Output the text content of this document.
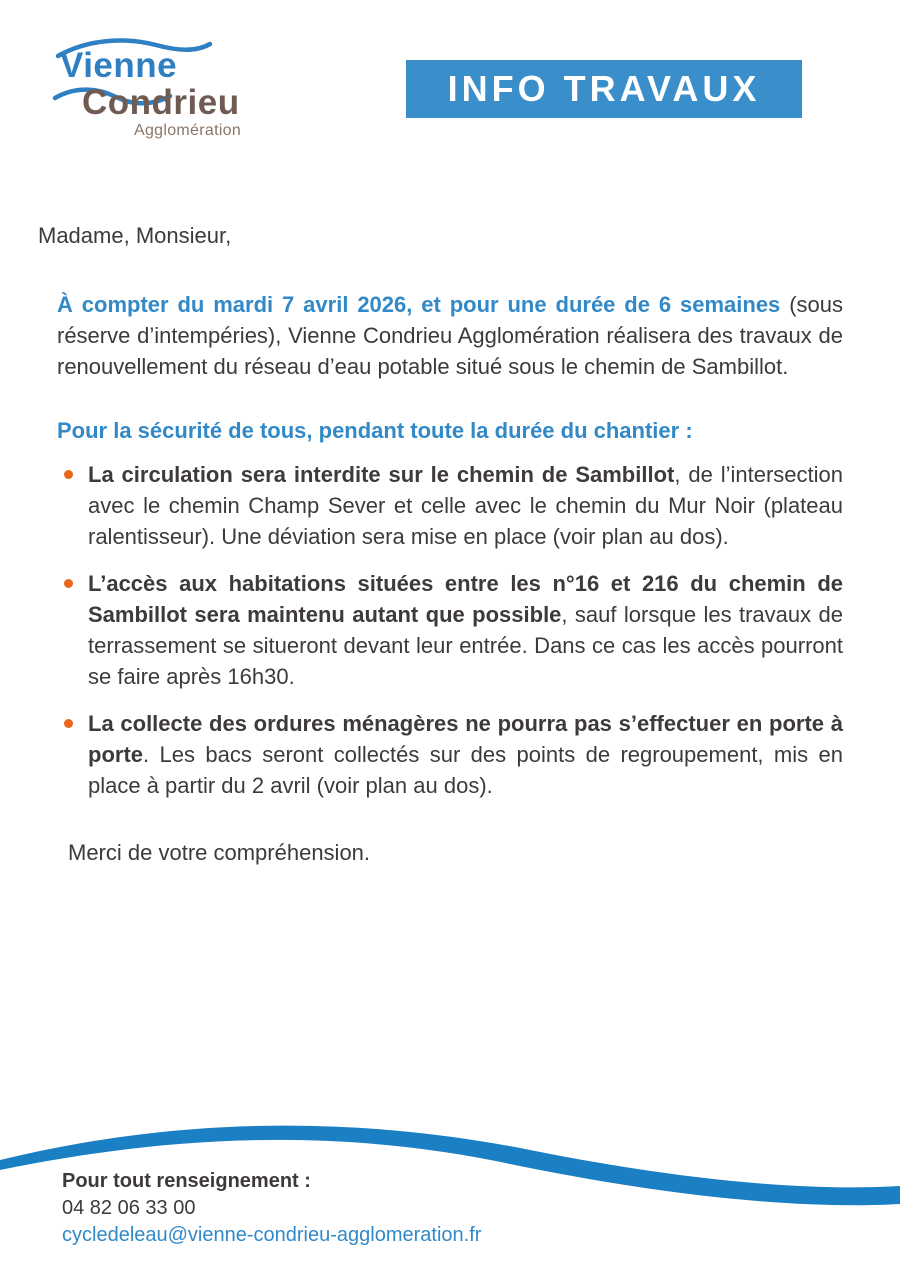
Vienne
Condrieu
Agglomération
INFO TRAVAUX

Madame, Monsieur,

À compter du mardi 7 avril 2026, et pour une durée de 6 semaines (sous réserve d’intempéries), Vienne Condrieu Agglomération réalisera des travaux de renouvellement du réseau d’eau potable situé sous le chemin de Sambillot.

Pour la sécurité de tous, pendant toute la durée du chantier :

La circulation sera interdite sur le chemin de Sambillot, de l’intersection avec le chemin Champ Sever et celle avec le chemin du Mur Noir (plateau ralentisseur). Une déviation sera mise en place (voir plan au dos).
L’accès aux habitations situées entre les n°16 et 216 du chemin de Sambillot sera maintenu autant que possible, sauf lorsque les travaux de terrassement se situeront devant leur entrée. Dans ce cas les accès pourront se faire après 16h30.
La collecte des ordures ménagères ne pourra pas s’effectuer en porte à porte. Les bacs seront collectés sur des points de regroupement, mis en place à partir du 2 avril (voir plan au dos).

Merci de votre compréhension.

Pour tout renseignement :
04 82 06 33 00
cycledeleau@vienne-condrieu-agglomeration.fr
